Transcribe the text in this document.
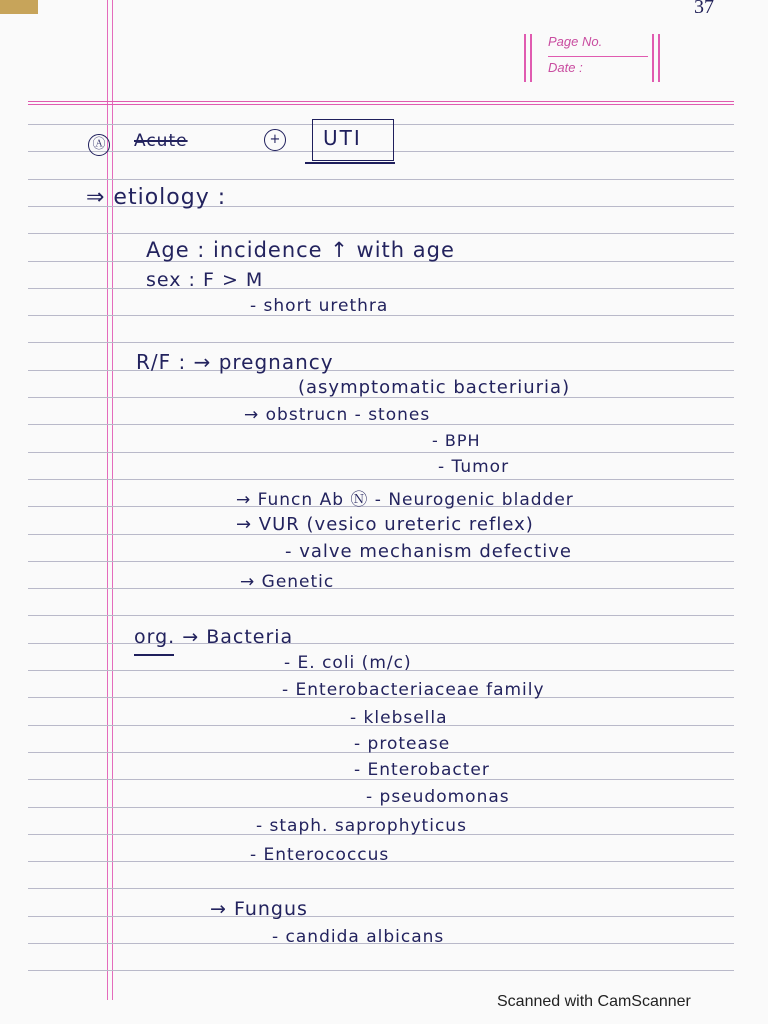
37
Page No.
Date :
Ⓐ Acute	+ UTI
⇒ etiology :
Age : incidence ↑ with age
sex : F > M
- short urethra
R/F : → pregnancy
(asymptomatic bacteriuria)
→ obstrucn - stones
- BPH
- Tumor
→ Funcn Ab Ⓝ - Neurogenic bladder
→ VUR (vesico ureteric reflex)
- valve mechanism defective
→ Genetic
org. → Bacteria
- E. coli (m/c)
- Enterobacteriaceae family
- klebsella
- protease
- Enterobacter
- pseudomonas
- staph. saprophyticus
- Enterococcus
→ Fungus
- candida albicans
Scanned with CamScanner
